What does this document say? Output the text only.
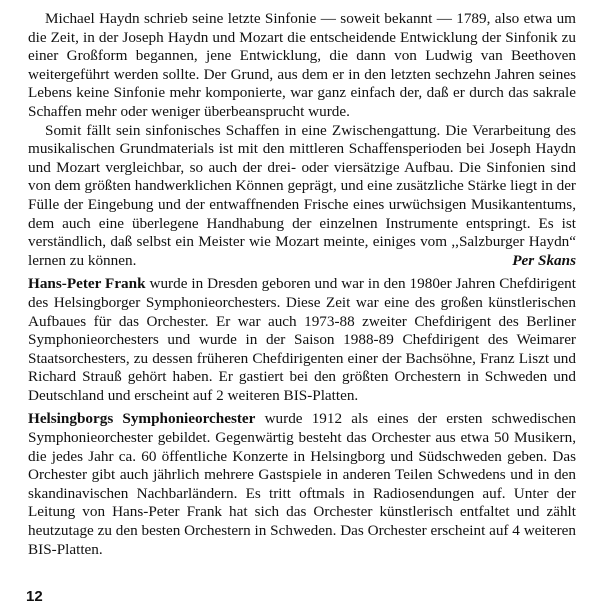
Michael Haydn schrieb seine letzte Sinfonie — soweit bekannt — 1789, also etwa um die Zeit, in der Joseph Haydn und Mozart die entscheidende Entwicklung der Sinfonik zu einer Großform begannen, jene Entwicklung, die dann von Ludwig van Beethoven weitergeführt werden sollte. Der Grund, aus dem er in den letzten sechzehn Jahren seines Lebens keine Sinfonie mehr komponierte, war ganz einfach der, daß er durch das sakrale Schaffen mehr oder weniger überbeansprucht wurde.

Somit fällt sein sinfonisches Schaffen in eine Zwischengattung. Die Verarbeitung des musikalischen Grundmaterials ist mit den mittleren Schaffensperioden bei Joseph Haydn und Mozart vergleichbar, so auch der drei- oder viersätzige Aufbau. Die Sinfonien sind von dem größten handwerklichen Können geprägt, und eine zusätzliche Stärke liegt in der Fülle der Eingebung und der entwaffnenden Frische eines urwüchsigen Musikantentums, dem auch eine überlegene Handhabung der einzelnen Instrumente entspringt. Es ist verständlich, daß selbst ein Meister wie Mozart meinte, einiges vom ,,Salzburger Haydn“ lernen zu können.	Per Skans

Hans-Peter Frank wurde in Dresden geboren und war in den 1980er Jahren Chefdirigent des Helsingborger Symphonieorchesters. Diese Zeit war eine des großen künstlerischen Aufbaues für das Orchester. Er war auch 1973-88 zweiter Chefdirigent des Berliner Symphonieorchesters und wurde in der Saison 1988-89 Chefdirigent des Weimarer Staatsorchesters, zu dessen früheren Chefdirigenten einer der Bachsöhne, Franz Liszt und Richard Strauß gehört haben. Er gastiert bei den größten Orchestern in Schweden und Deutschland und erscheint auf 2 weiteren BIS-Platten.

Helsingborgs Symphonieorchester wurde 1912 als eines der ersten schwedischen Symphonieorchester gebildet. Gegenwärtig besteht das Orchester aus etwa 50 Musikern, die jedes Jahr ca. 60 öffentliche Konzerte in Helsingborg und Südschweden geben. Das Orchester gibt auch jährlich mehrere Gastspiele in anderen Teilen Schwedens und in den skandinavischen Nachbarländern. Es tritt oftmals in Radiosendungen auf. Unter der Leitung von Hans-Peter Frank hat sich das Orchester künstlerisch entfaltet und zählt heutzutage zu den besten Orchestern in Schweden. Das Orchester erscheint auf 4 weiteren BIS-Platten.

12
